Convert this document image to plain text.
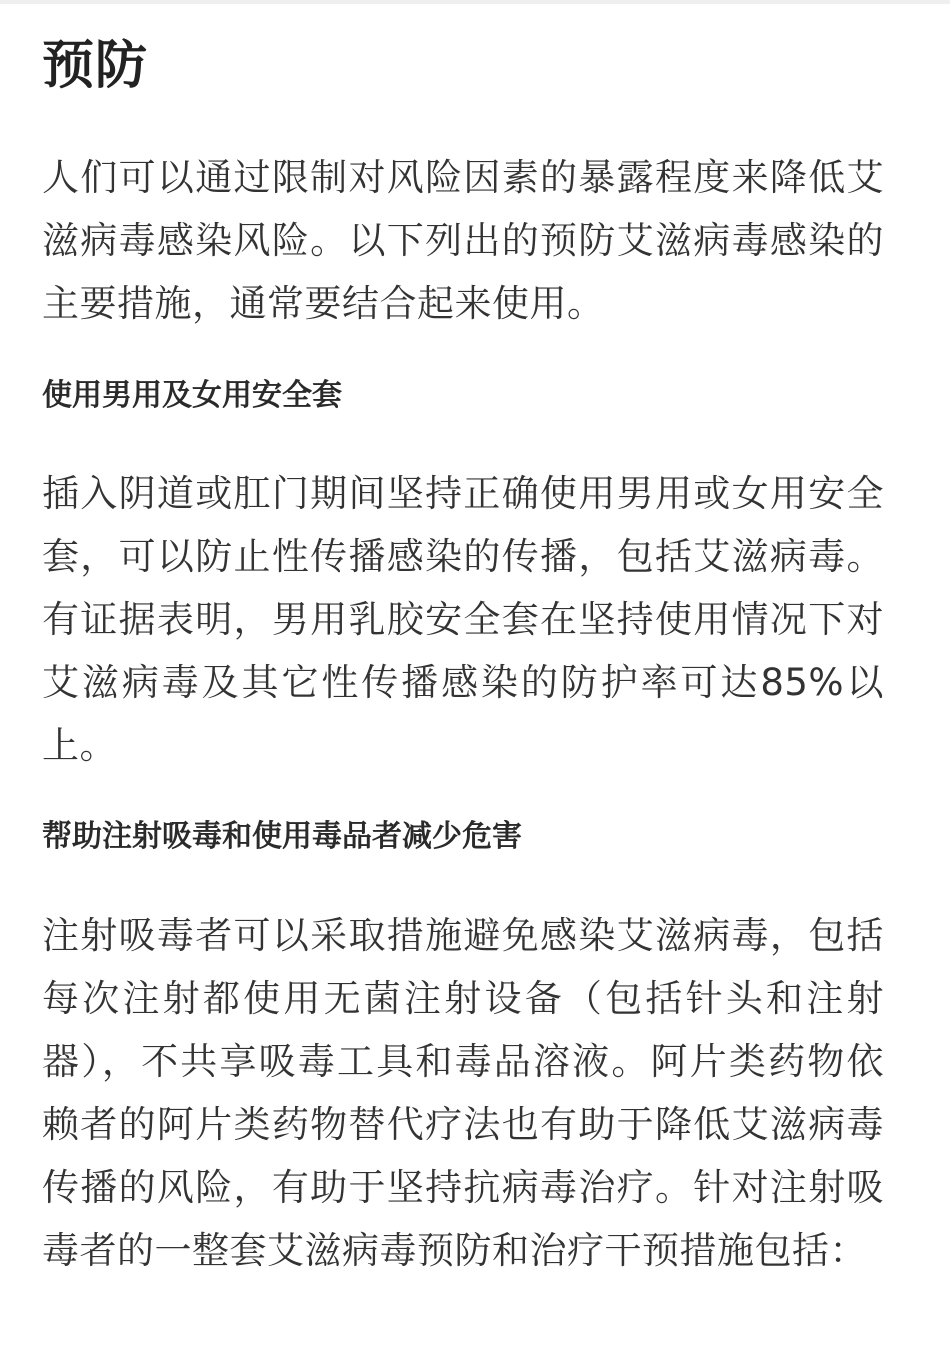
预防

人们可以通过限制对风险因素的暴露程度来降低艾滋病毒感染风险。以下列出的预防艾滋病毒感染的主要措施，通常要结合起来使用。

使用男用及女用安全套

插入阴道或肛门期间坚持正确使用男用或女用安全套，可以防止性传播感染的传播，包括艾滋病毒。有证据表明，男用乳胶安全套在坚持使用情况下对艾滋病毒及其它性传播感染的防护率可达85%以上。

帮助注射吸毒和使用毒品者减少危害

注射吸毒者可以采取措施避免感染艾滋病毒，包括每次注射都使用无菌注射设备（包括针头和注射器），不共享吸毒工具和毒品溶液。阿片类药物依赖者的阿片类药物替代疗法也有助于降低艾滋病毒传播的风险，有助于坚持抗病毒治疗。针对注射吸毒者的一整套艾滋病毒预防和治疗干预措施包括：
